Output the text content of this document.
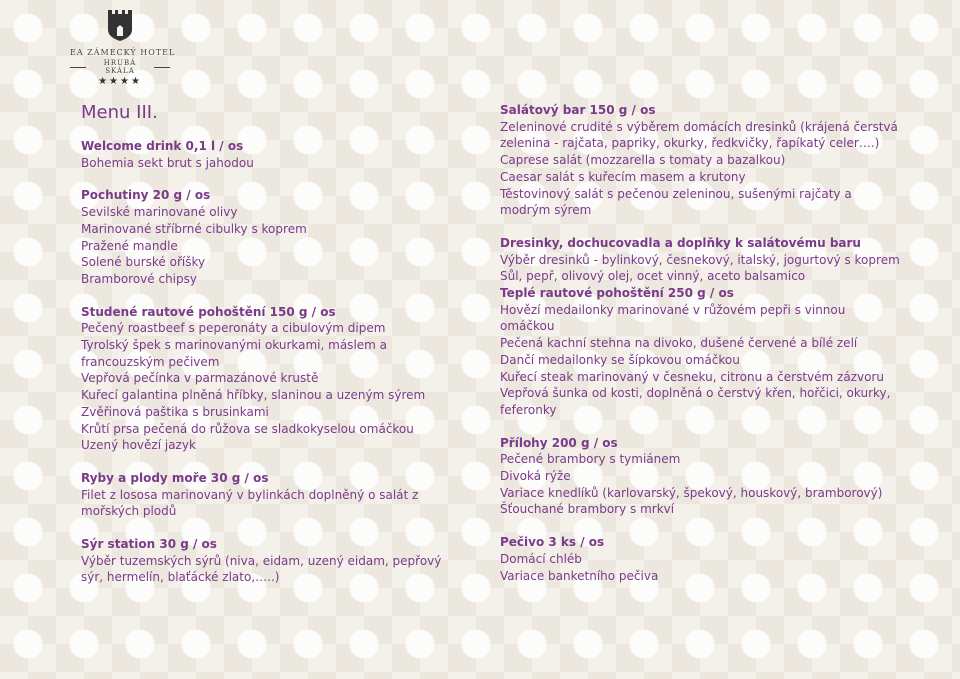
EA ZÁMECKÝ HOTEL
HRUBÁ SKÁLA
★★★★
Menu III.
Welcome drink 0,1 l / os
Bohemia sekt brut s jahodou
Pochutiny 20 g / os
Sevilské marinované olivy
Marinované stříbrné cibulky s koprem
Pražené mandle
Solené burské oříšky
Bramborové chipsy
Studené rautové pohoštění 150 g / os
Pečený roastbeef s peperonáty a cibulovým dipem
Tyrolský špek s marinovanými okurkami, máslem a francouzským pečivem
Vepřová pečínka v parmazánové krustě
Kuřecí galantina plněná hříbky, slaninou a uzeným sýrem
Zvěřinová paštika s brusinkami
Krůtí prsa pečená do růžova se sladkokyselou omáčkou
Uzený hovězí jazyk
Ryby a plody moře 30 g / os
Filet z lososa marinovaný v bylinkách doplněný o salát z mořských plodů
Sýr station 30 g / os
Výběr tuzemských sýrů (niva, eidam, uzený eidam, pepřový sýr, hermelín, blaťácké zlato,…..)
Salátový bar 150 g / os
Zeleninové crudité s výběrem domácích dresinků (krájená čerstvá zelenina - rajčata, papriky, okurky, ředkvičky, řapíkatý celer….)
Caprese salát (mozzarella s tomaty a bazalkou)
Caesar salát s kuřecím masem a krutony
Těstovinový salát s pečenou zeleninou, sušenými rajčaty a modrým sýrem
Dresinky, dochucovadla a doplňky k salátovému baru
Výběr dresinků - bylinkový, česnekový, italský, jogurtový s koprem
Sůl, pepř, olivový olej, ocet vinný, aceto balsamico
Teplé rautové pohoštění 250 g / os
Hovězí medailonky marinované v růžovém pepři s vinnou omáčkou
Pečená kachní stehna na divoko, dušené červené a bílé zelí
Dančí medailonky se šípkovou omáčkou
Kuřecí steak marinovaný v česneku, citronu a čerstvém zázvoru
Vepřová šunka od kosti, doplněná o čerstvý křen, hořčici, okurky, feferonky
Přílohy 200 g / os
Pečené brambory s tymiánem
Divoká rýže
Variace knedlíků (karlovarský, špekový, houskový, bramborový)
Šťouchané brambory s mrkví
Pečivo 3 ks / os
Domácí chléb
Variace banketního pečiva
